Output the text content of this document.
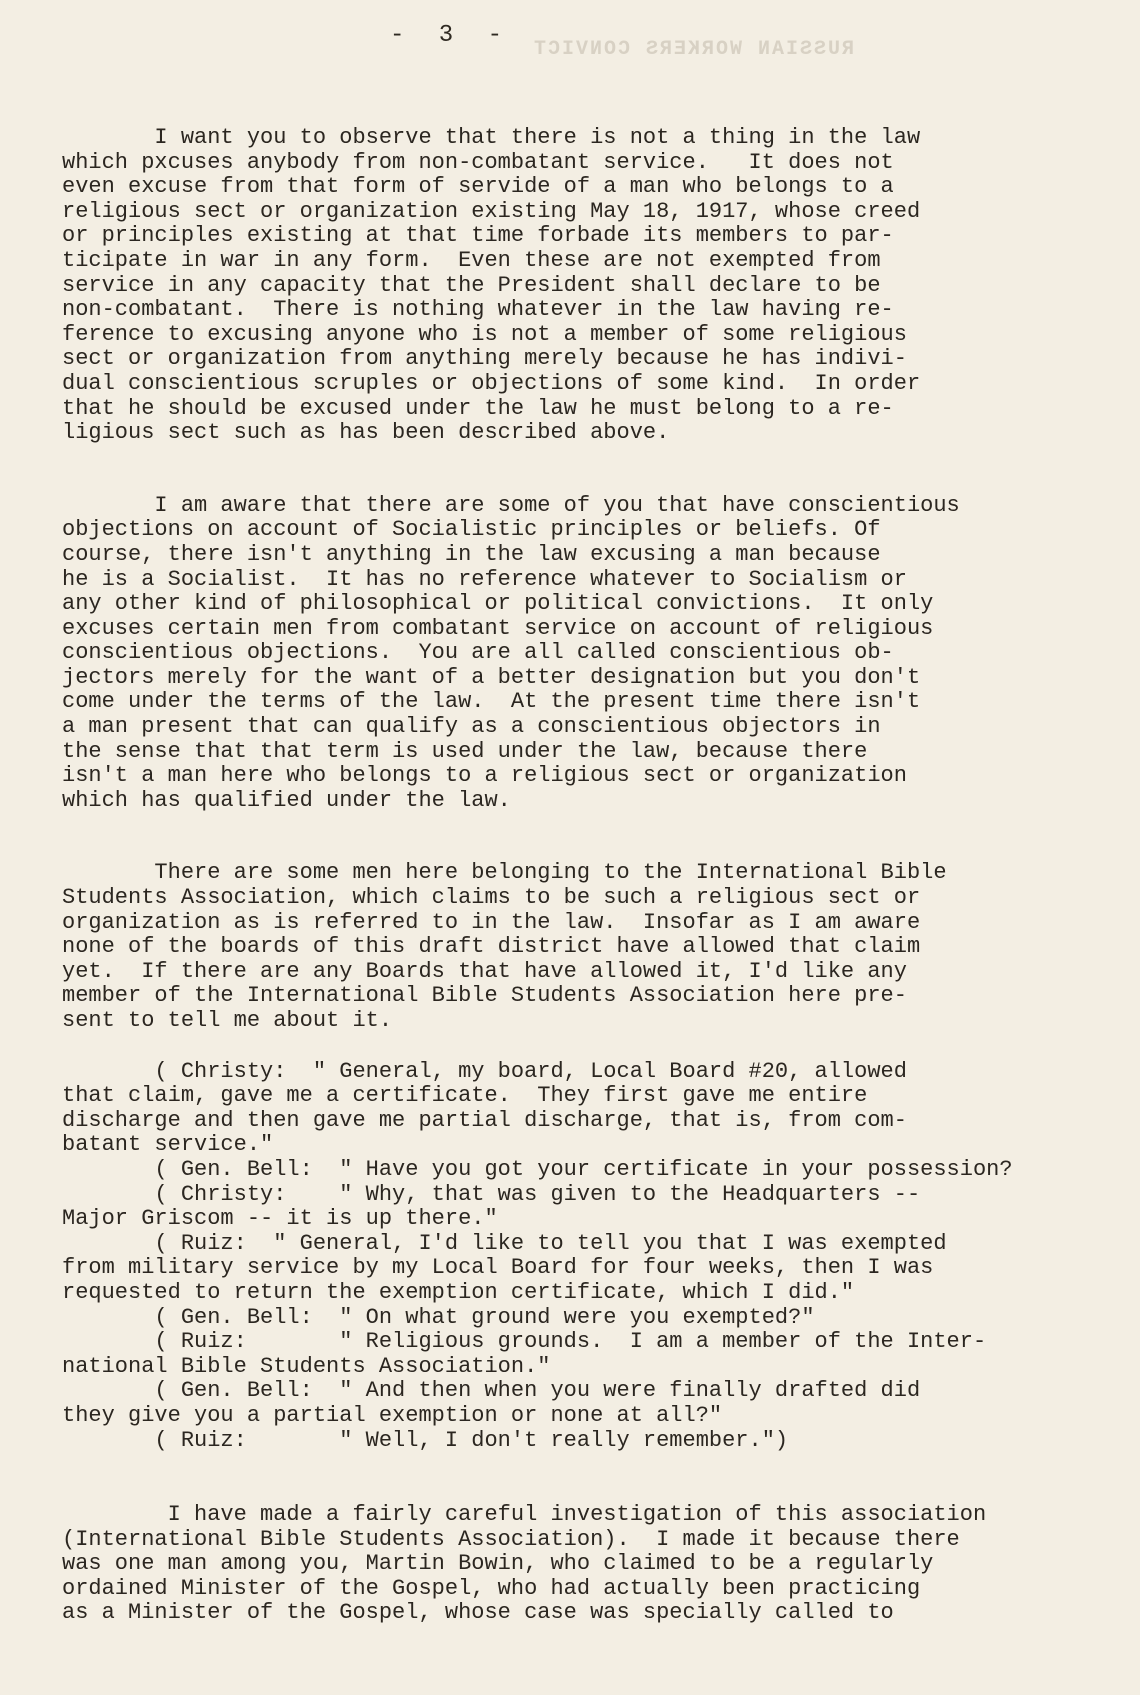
- 3 -
RUSSIAN WORKERS CONVICT
I want you to observe that there is not a thing in the law
which pxcuses anybody from non-combatant service.   It does not
even excuse from that form of servide of a man who belongs to a
religious sect or organization existing May 18, 1917, whose creed
or principles existing at that time forbade its members to par-
ticipate in war in any form.  Even these are not exempted from
service in any capacity that the President shall declare to be
non-combatant.  There is nothing whatever in the law having re-
ference to excusing anyone who is not a member of some religious
sect or organization from anything merely because he has indivi-
dual conscientious scruples or objections of some kind.  In order
that he should be excused under the law he must belong to a re-
ligious sect such as has been described above.
I am aware that there are some of you that have conscientious
objections on account of Socialistic principles or beliefs. Of
course, there isn't anything in the law excusing a man because
he is a Socialist.  It has no reference whatever to Socialism or
any other kind of philosophical or political convictions.  It only
excuses certain men from combatant service on account of religious
conscientious objections.  You are all called conscientious ob-
jectors merely for the want of a better designation but you don't
come under the terms of the law.  At the present time there isn't
a man present that can qualify as a conscientious objectors in
the sense that that term is used under the law, because there
isn't a man here who belongs to a religious sect or organization
which has qualified under the law.
There are some men here belonging to the International Bible
Students Association, which claims to be such a religious sect or
organization as is referred to in the law.  Insofar as I am aware
none of the boards of this draft district have allowed that claim
yet.  If there are any Boards that have allowed it, I'd like any
member of the International Bible Students Association here pre-
sent to tell me about it.
( Christy:  " General, my board, Local Board #20, allowed
that claim, gave me a certificate.  They first gave me entire
discharge and then gave me partial discharge, that is, from com-
batant service."
( Gen. Bell:  " Have you got your certificate in your possession?
( Christy:    " Why, that was given to the Headquarters --
Major Griscom -- it is up there."
( Ruiz:  " General, I'd like to tell you that I was exempted
from military service by my Local Board for four weeks, then I was
requested to return the exemption certificate, which I did."
( Gen. Bell:  " On what ground were you exempted?"
( Ruiz:       " Religious grounds.  I am a member of the Inter-
national Bible Students Association."
( Gen. Bell:  " And then when you were finally drafted did
they give you a partial exemption or none at all?"
( Ruiz:       " Well, I don't really remember.")
I have made a fairly careful investigation of this association
(International Bible Students Association).  I made it because there
was one man among you, Martin Bowin, who claimed to be a regularly
ordained Minister of the Gospel, who had actually been practicing
as a Minister of the Gospel, whose case was specially called to
